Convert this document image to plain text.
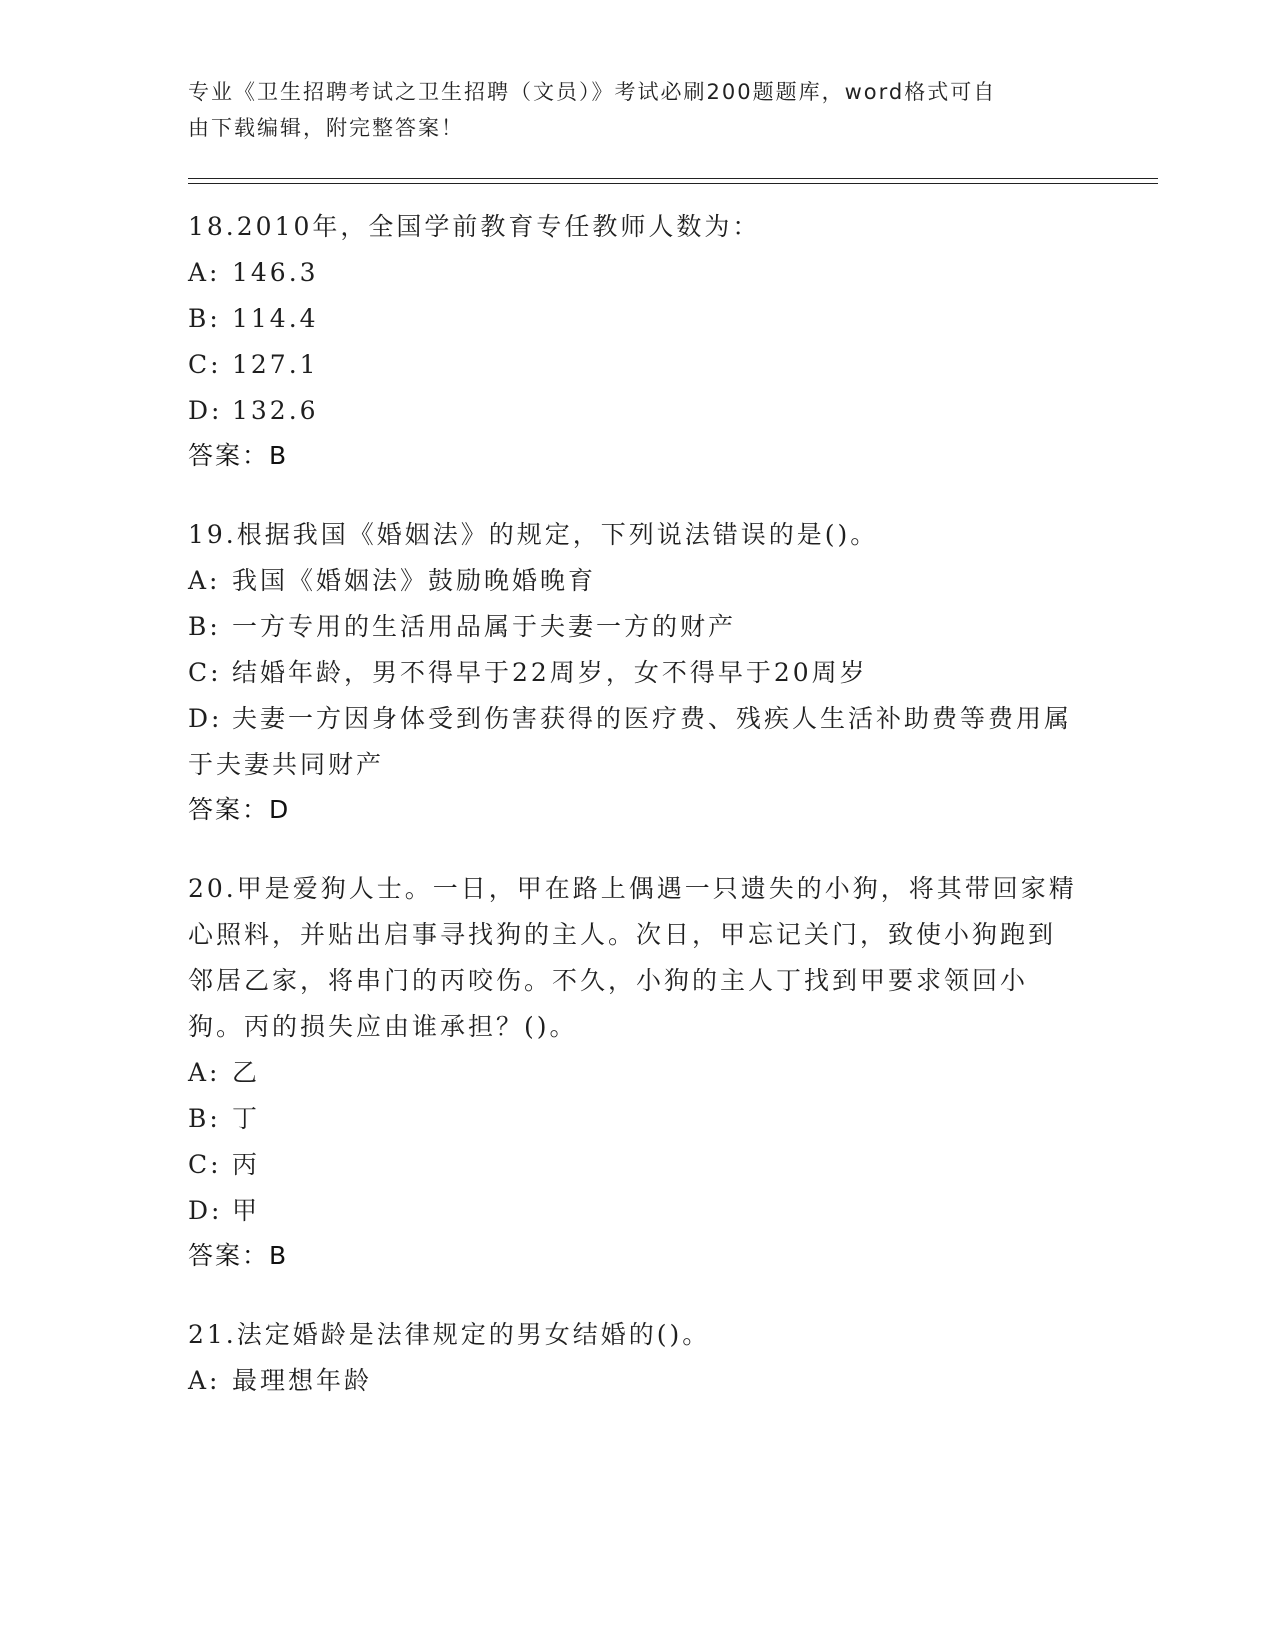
专业《卫生招聘考试之卫生招聘（文员）》考试必刷200题题库，word格式可自
由下载编辑，附完整答案！
18.2010年，全国学前教育专任教师人数为：
A: 146.3
B: 114.4
C: 127.1
D: 132.6
答案：B
19.根据我国《婚姻法》的规定，下列说法错误的是()。
A: 我国《婚姻法》鼓励晚婚晚育
B: 一方专用的生活用品属于夫妻一方的财产
C: 结婚年龄，男不得早于22周岁，女不得早于20周岁
D: 夫妻一方因身体受到伤害获得的医疗费、残疾人生活补助费等费用属于夫妻共同财产
答案：D
20.甲是爱狗人士。一日，甲在路上偶遇一只遗失的小狗，将其带回家精心照料，并贴出启事寻找狗的主人。次日，甲忘记关门，致使小狗跑到邻居乙家，将串门的丙咬伤。不久，小狗的主人丁找到甲要求领回小狗。丙的损失应由谁承担？()。
A: 乙
B: 丁
C: 丙
D: 甲
答案：B
21.法定婚龄是法律规定的男女结婚的()。
A: 最理想年龄
